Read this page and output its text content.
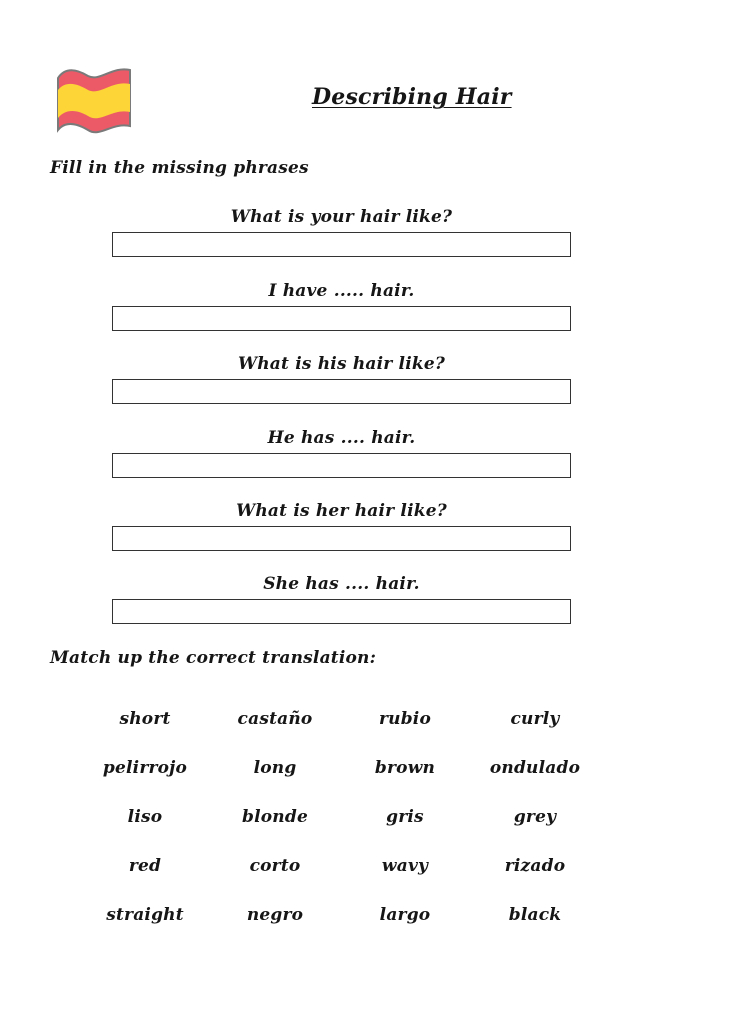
Describing Hair
Fill in the missing phrases
What is your hair like?
I have ..... hair.
What is his hair like?
He has .... hair.
What is her hair like?
She has .... hair.
Match up the correct translation:
short	castaño	rubio	curly
pelirrojo	long	brown	ondulado
liso	blonde	gris	grey
red	corto	wavy	rizado
straight	negro	largo	black
